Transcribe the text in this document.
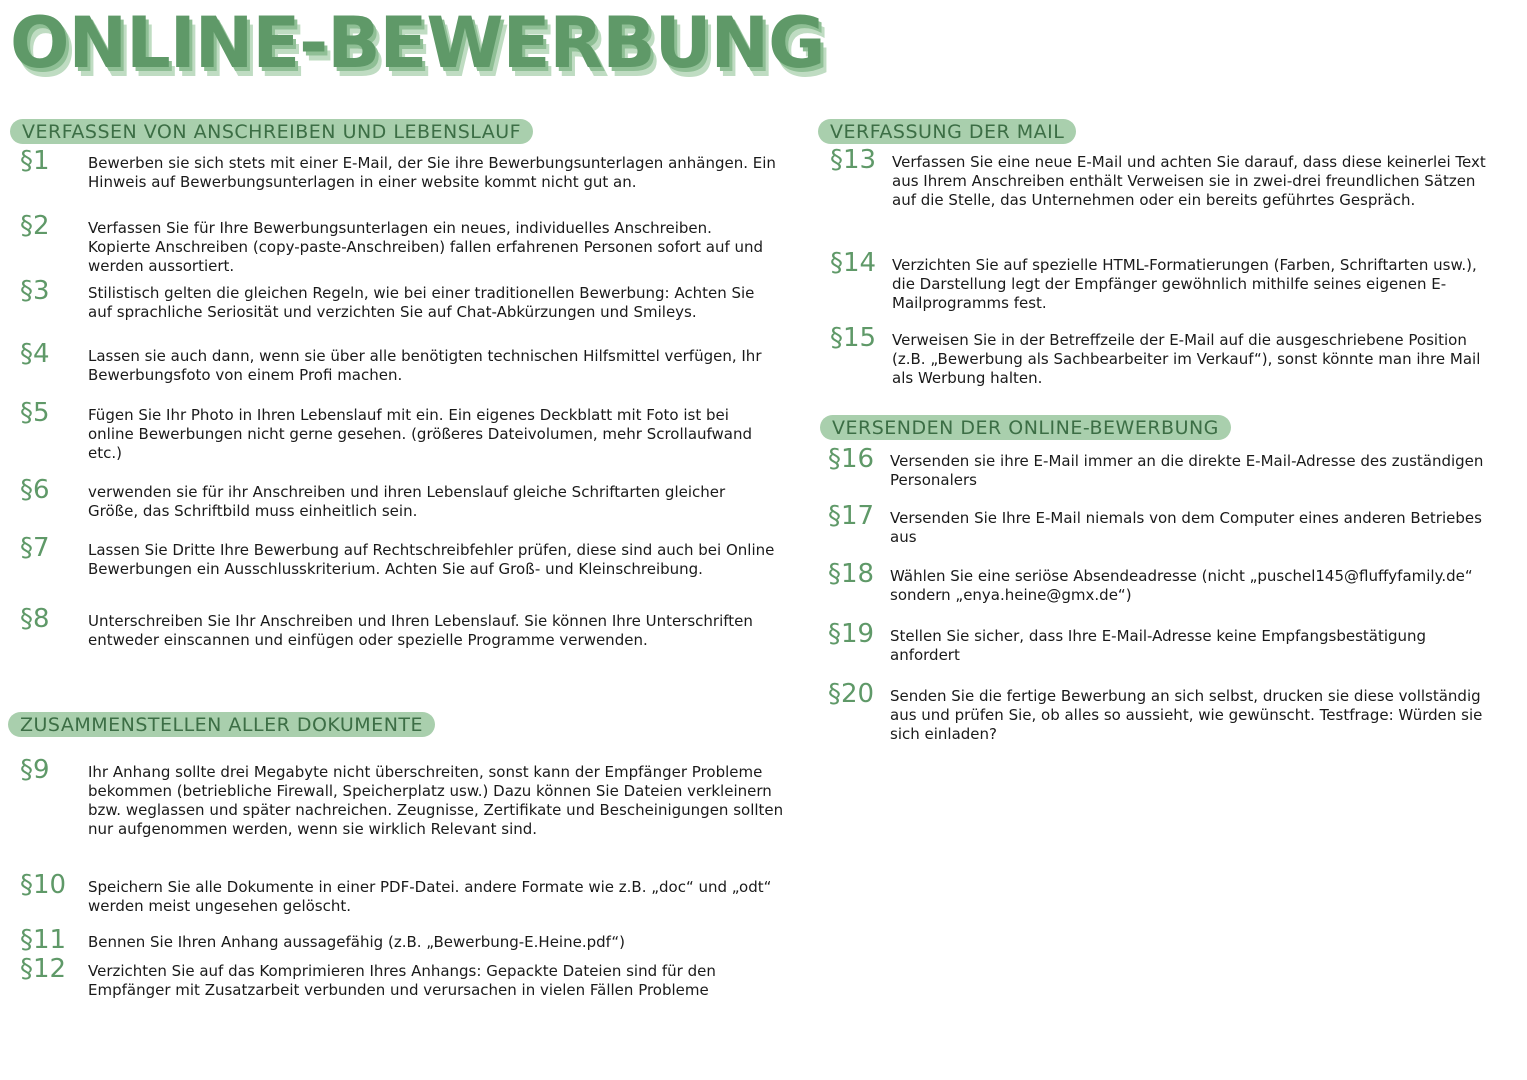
ONLINE-BEWERBUNG
VERFASSEN VON ANSCHREIBEN UND LEBENSLAUF
§1	Bewerben sie sich stets mit einer E-Mail, der Sie ihre Bewerbungsunterlagen anhängen. Ein Hinweis auf Bewerbungsunterlagen in einer website kommt nicht gut an.

§2	Verfassen Sie für Ihre Bewerbungsunterlagen ein neues, individuelles Anschreiben. Kopierte Anschreiben (copy-paste-Anschreiben) fallen erfahrenen Personen sofort auf und werden aussortiert.

§3	Stilistisch gelten die gleichen Regeln, wie bei einer traditionellen Bewerbung: Achten Sie auf sprachliche Seriosität und verzichten Sie auf Chat-Abkürzungen und Smileys.

§4	Lassen sie auch dann, wenn sie über alle benötigten technischen Hilfsmittel verfügen, Ihr Bewerbungsfoto von einem Profi machen.

§5	Fügen Sie Ihr Photo in Ihren Lebenslauf mit ein. Ein eigenes Deckblatt mit Foto ist bei online Bewerbungen nicht gerne gesehen. (größeres Dateivolumen, mehr Scrollaufwand etc.)

§6	verwenden sie für ihr Anschreiben und ihren Lebenslauf gleiche Schriftarten gleicher Größe, das Schriftbild muss einheitlich sein.

§7	Lassen Sie Dritte Ihre Bewerbung auf Rechtschreibfehler prüfen, diese sind auch bei Online Bewerbungen ein Ausschlusskriterium. Achten Sie auf Groß- und Kleinschreibung.

§8	Unterschreiben Sie Ihr Anschreiben und Ihren Lebenslauf. Sie können Ihre Unterschriften entweder einscannen und einfügen oder spezielle Programme verwenden.

ZUSAMMENSTELLEN ALLER DOKUMENTE
§9	Ihr Anhang sollte drei Megabyte nicht überschreiten, sonst kann der Empfänger Probleme bekommen (betriebliche Firewall, Speicherplatz usw.) Dazu können Sie Dateien verkleinern bzw. weglassen und später nachreichen. Zeugnisse, Zertifikate und Bescheinigungen sollten nur aufgenommen werden, wenn sie wirklich Relevant sind.

§10 Speichern Sie alle Dokumente in einer PDF-Datei. andere Formate wie z.B. „doc“ und „odt“ werden meist ungesehen gelöscht.

§11 Bennen Sie Ihren Anhang aussagefähig (z.B. „Bewerbung-E.Heine.pdf“)

§12 Verzichten Sie auf das Komprimieren Ihres Anhangs: Gepackte Dateien sind für den Empfänger mit Zusatzarbeit verbunden und verursachen in vielen Fällen Probleme

VERFASSUNG DER MAIL
§13 Verfassen Sie eine neue E-Mail und achten Sie darauf, dass diese keinerlei Text aus Ihrem Anschreiben enthält Verweisen sie in zwei-drei freundlichen Sätzen auf die Stelle, das Unternehmen oder ein bereits geführtes Gespräch.

§14 Verzichten Sie auf spezielle HTML-Formatierungen (Farben, Schriftarten usw.), die Darstellung legt der Empfänger gewöhnlich mithilfe seines eigenen E-Mailprogramms fest.

§15 Verweisen Sie in der Betreffzeile der E-Mail auf die ausgeschriebene Position (z.B. „Bewerbung als Sachbearbeiter im Verkauf“), sonst könnte man ihre Mail als Werbung halten.

VERSENDEN DER ONLINE-BEWERBUNG
§16 Versenden sie ihre E-Mail immer an die direkte E-Mail-Adresse des zuständigen Personalers

§17 Versenden Sie Ihre E-Mail niemals von dem Computer eines anderen Betriebes aus

§18 Wählen Sie eine seriöse Absendeadresse (nicht „puschel145@fluffyfamily.de“ sondern „enya.heine@gmx.de“)

§19 Stellen Sie sicher, dass Ihre E-Mail-Adresse keine Empfangsbestätigung anfordert

§20 Senden Sie die fertige Bewerbung an sich selbst, drucken sie diese vollständig aus und prüfen Sie, ob alles so aussieht, wie gewünscht. Testfrage: Würden sie sich einladen?
